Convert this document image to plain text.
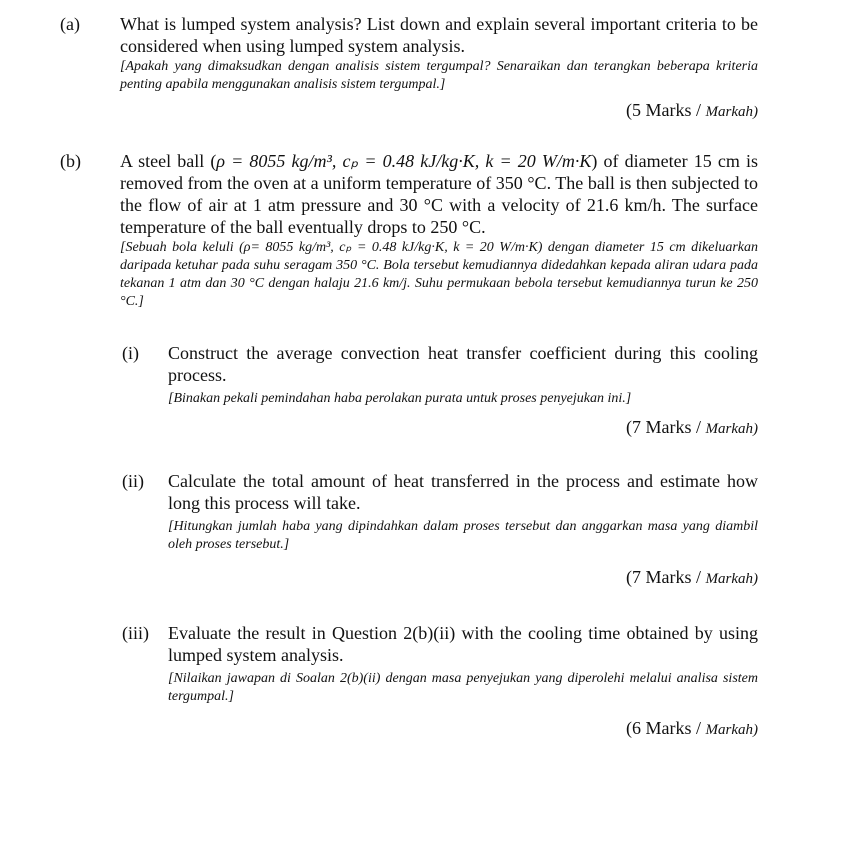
(a) What is lumped system analysis? List down and explain several important criteria to be considered when using lumped system analysis.

[Apakah yang dimaksudkan dengan analisis sistem tergumpal? Senaraikan dan terangkan beberapa kriteria penting apabila menggunakan analisis sistem tergumpal.]

(5 Marks / Markah)
(b) A steel ball (ρ = 8055 kg/m³, cₚ = 0.48 kJ/kg·K, k = 20 W/m·K) of diameter 15 cm is removed from the oven at a uniform temperature of 350 °C. The ball is then subjected to the flow of air at 1 atm pressure and 30 °C with a velocity of 21.6 km/h. The surface temperature of the ball eventually drops to 250 °C.

[Sebuah bola keluli (ρ= 8055 kg/m³, cₚ = 0.48 kJ/kg·K, k = 20 W/m·K) dengan diameter 15 cm dikeluarkan daripada ketuhar pada suhu seragam 350 °C. Bola tersebut kemudiannya didedahkan kepada aliran udara pada tekanan 1 atm dan 30 °C dengan halaju 21.6 km/j. Suhu permukaan bebola tersebut kemudiannya turun ke 250 °C.]

(i) Construct the average convection heat transfer coefficient during this cooling process.

[Binakan pekali pemindahan haba perolakan purata untuk proses penyejukan ini.]

(7 Marks / Markah)
(ii) Calculate the total amount of heat transferred in the process and estimate how long this process will take.

[Hitungkan jumlah haba yang dipindahkan dalam proses tersebut dan anggarkan masa yang diambil oleh proses tersebut.]

(7 Marks / Markah)
(iii) Evaluate the result in Question 2(b)(ii) with the cooling time obtained by using lumped system analysis.

[Nilaikan jawapan di Soalan 2(b)(ii) dengan masa penyejukan yang diperolehi melalui analisa sistem tergumpal.]

(6 Marks / Markah)
